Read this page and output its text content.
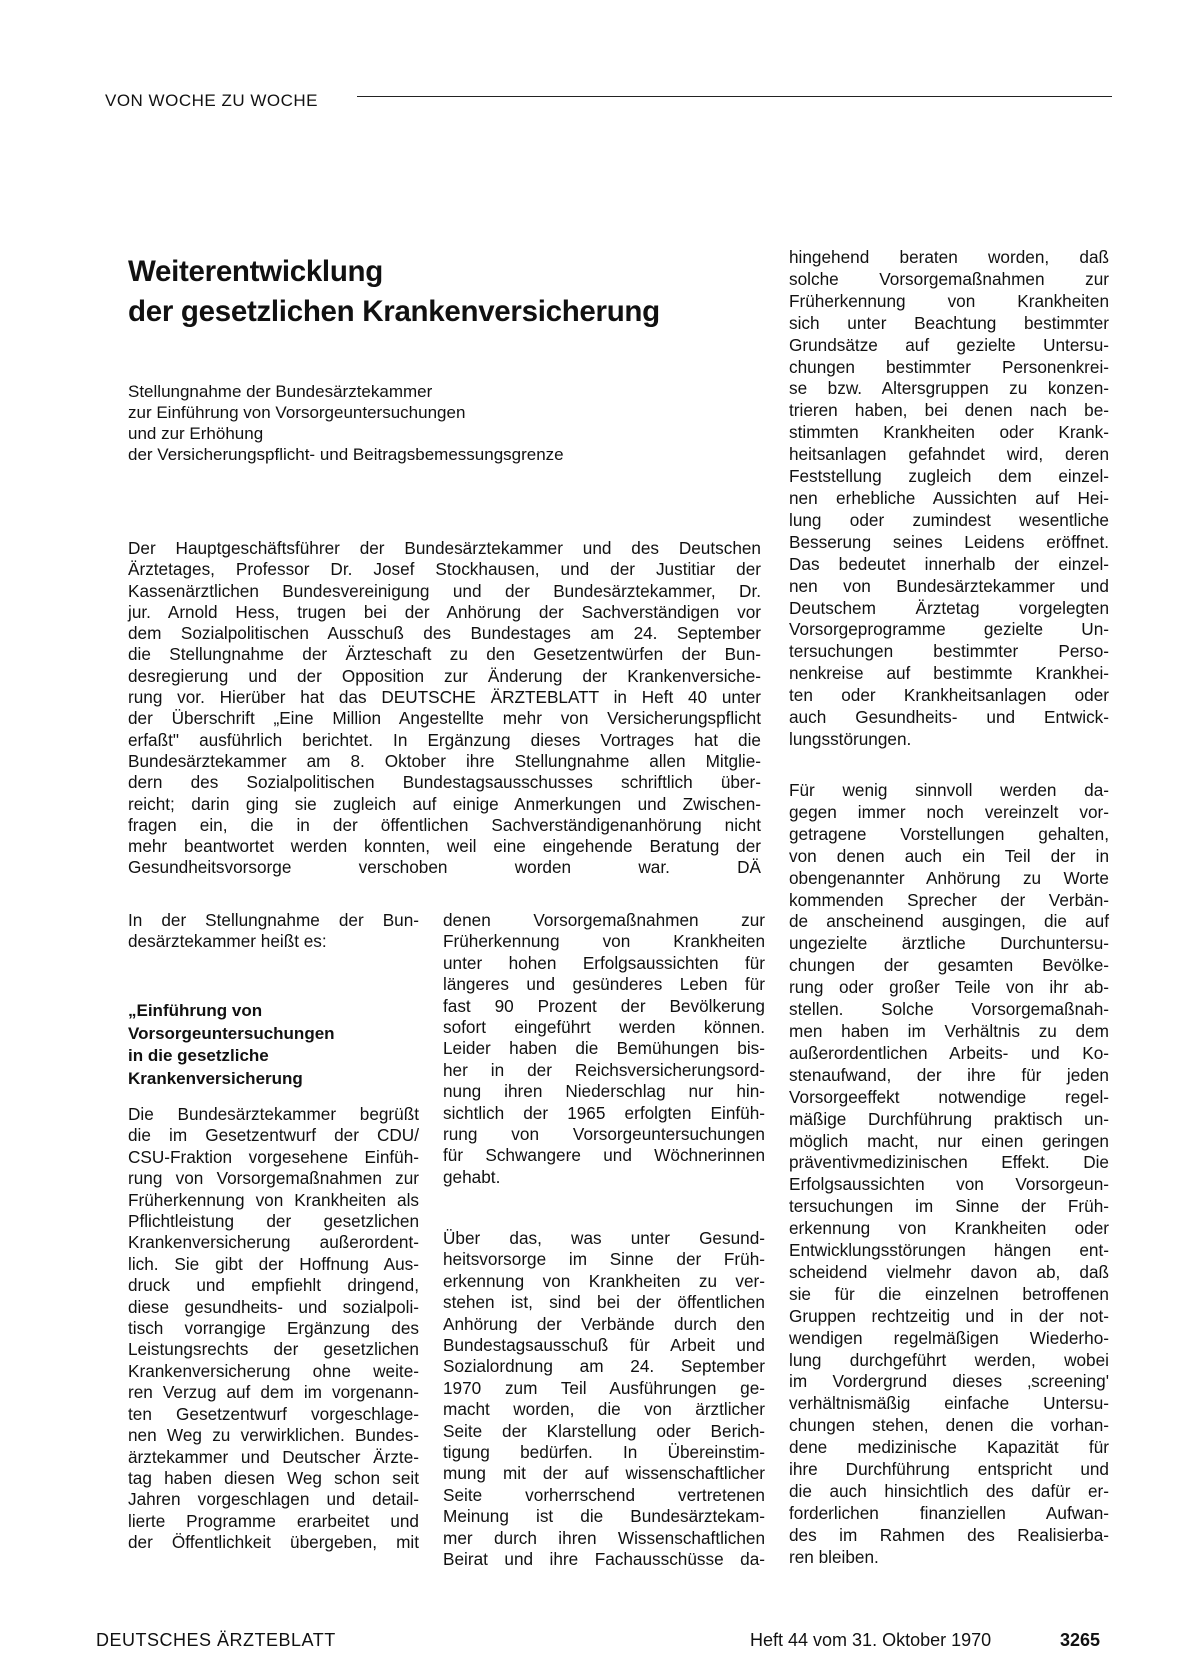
VON WOCHE ZU WOCHE
Weiterentwicklung
der gesetzlichen Krankenversicherung
Stellungnahme der Bundesärztekammer
zur Einführung von Vorsorgeuntersuchungen
und zur Erhöhung
der Versicherungspflicht- und Beitragsbemessungsgrenze
Der Hauptgeschäftsführer der Bundesärztekammer und des Deutschen
Ärztetages, Professor Dr. Josef Stockhausen, und der Justitiar der
Kassenärztlichen Bundesvereinigung und der Bundesärztekammer, Dr.
jur. Arnold Hess, trugen bei der Anhörung der Sachverständigen vor
dem Sozialpolitischen Ausschuß des Bundestages am 24. September
die Stellungnahme der Ärzteschaft zu den Gesetzentwürfen der Bun-
desregierung und der Opposition zur Änderung der Krankenversiche-
rung vor. Hierüber hat das DEUTSCHE ÄRZTEBLATT in Heft 40 unter
der Überschrift „Eine Million Angestellte mehr von Versicherungspflicht
erfaßt" ausführlich berichtet. In Ergänzung dieses Vortrages hat die
Bundesärztekammer am 8. Oktober ihre Stellungnahme allen Mitglie-
dern des Sozialpolitischen Bundestagsausschusses schriftlich über-
reicht; darin ging sie zugleich auf einige Anmerkungen und Zwischen-
fragen ein, die in der öffentlichen Sachverständigenanhörung nicht
mehr beantwortet werden konnten, weil eine eingehende Beratung der
Gesundheitsvorsorge verschoben worden war. DÄ
In der Stellungnahme der Bun-
desärztekammer heißt es:
„Einführung von
Vorsorgeuntersuchungen
in die gesetzliche
Krankenversicherung
Die Bundesärztekammer begrüßt
die im Gesetzentwurf der CDU/
CSU-Fraktion vorgesehene Einfüh-
rung von Vorsorgemaßnahmen zur
Früherkennung von Krankheiten als
Pflichtleistung der gesetzlichen
Krankenversicherung außerordent-
lich. Sie gibt der Hoffnung Aus-
druck und empfiehlt dringend,
diese gesundheits- und sozialpoli-
tisch vorrangige Ergänzung des
Leistungsrechts der gesetzlichen
Krankenversicherung ohne weite-
ren Verzug auf dem im vorgenann-
ten Gesetzentwurf vorgeschlage-
nen Weg zu verwirklichen. Bundes-
ärztekammer und Deutscher Ärzte-
tag haben diesen Weg schon seit
Jahren vorgeschlagen und detail-
lierte Programme erarbeitet und
der Öffentlichkeit übergeben, mit
denen Vorsorgemaßnahmen zur
Früherkennung von Krankheiten
unter hohen Erfolgsaussichten für
längeres und gesünderes Leben für
fast 90 Prozent der Bevölkerung
sofort eingeführt werden können.
Leider haben die Bemühungen bis-
her in der Reichsversicherungsord-
nung ihren Niederschlag nur hin-
sichtlich der 1965 erfolgten Einfüh-
rung von Vorsorgeuntersuchungen
für Schwangere und Wöchnerinnen
gehabt.
Über das, was unter Gesund-
heitsvorsorge im Sinne der Früh-
erkennung von Krankheiten zu ver-
stehen ist, sind bei der öffentlichen
Anhörung der Verbände durch den
Bundestagsausschuß für Arbeit und
Sozialordnung am 24. September
1970 zum Teil Ausführungen ge-
macht worden, die von ärztlicher
Seite der Klarstellung oder Berich-
tigung bedürfen. In Übereinstim-
mung mit der auf wissenschaftlicher
Seite vorherrschend vertretenen
Meinung ist die Bundesärztekam-
mer durch ihren Wissenschaftlichen
Beirat und ihre Fachausschüsse da-
hingehend beraten worden, daß
solche Vorsorgemaßnahmen zur
Früherkennung von Krankheiten
sich unter Beachtung bestimmter
Grundsätze auf gezielte Untersu-
chungen bestimmter Personenkrei-
se bzw. Altersgruppen zu konzen-
trieren haben, bei denen nach be-
stimmten Krankheiten oder Krank-
heitsanlagen gefahndet wird, deren
Feststellung zugleich dem einzel-
nen erhebliche Aussichten auf Hei-
lung oder zumindest wesentliche
Besserung seines Leidens eröffnet.
Das bedeutet innerhalb der einzel-
nen von Bundesärztekammer und
Deutschem Ärztetag vorgelegten
Vorsorgeprogramme gezielte Un-
tersuchungen bestimmter Perso-
nenkreise auf bestimmte Krankhei-
ten oder Krankheitsanlagen oder
auch Gesundheits- und Entwick-
lungsstörungen.
Für wenig sinnvoll werden da-
gegen immer noch vereinzelt vor-
getragene Vorstellungen gehalten,
von denen auch ein Teil der in
obengenannter Anhörung zu Worte
kommenden Sprecher der Verbän-
de anscheinend ausgingen, die auf
ungezielte ärztliche Durchuntersu-
chungen der gesamten Bevölke-
rung oder großer Teile von ihr ab-
stellen. Solche Vorsorgemaßnah-
men haben im Verhältnis zu dem
außerordentlichen Arbeits- und Ko-
stenaufwand, der ihre für jeden
Vorsorgeeffekt notwendige regel-
mäßige Durchführung praktisch un-
möglich macht, nur einen geringen
präventivmedizinischen Effekt. Die
Erfolgsaussichten von Vorsorgeun-
tersuchungen im Sinne der Früh-
erkennung von Krankheiten oder
Entwicklungsstörungen hängen ent-
scheidend vielmehr davon ab, daß
sie für die einzelnen betroffenen
Gruppen rechtzeitig und in der not-
wendigen regelmäßigen Wiederho-
lung durchgeführt werden, wobei
im Vordergrund dieses ‚screening'
verhältnismäßig einfache Untersu-
chungen stehen, denen die vorhan-
dene medizinische Kapazität für
ihre Durchführung entspricht und
die auch hinsichtlich des dafür er-
forderlichen finanziellen Aufwan-
des im Rahmen des Realisierba-
ren bleiben.
DEUTSCHES ÄRZTEBLATT	Heft 44 vom 31. Oktober 1970	3265
